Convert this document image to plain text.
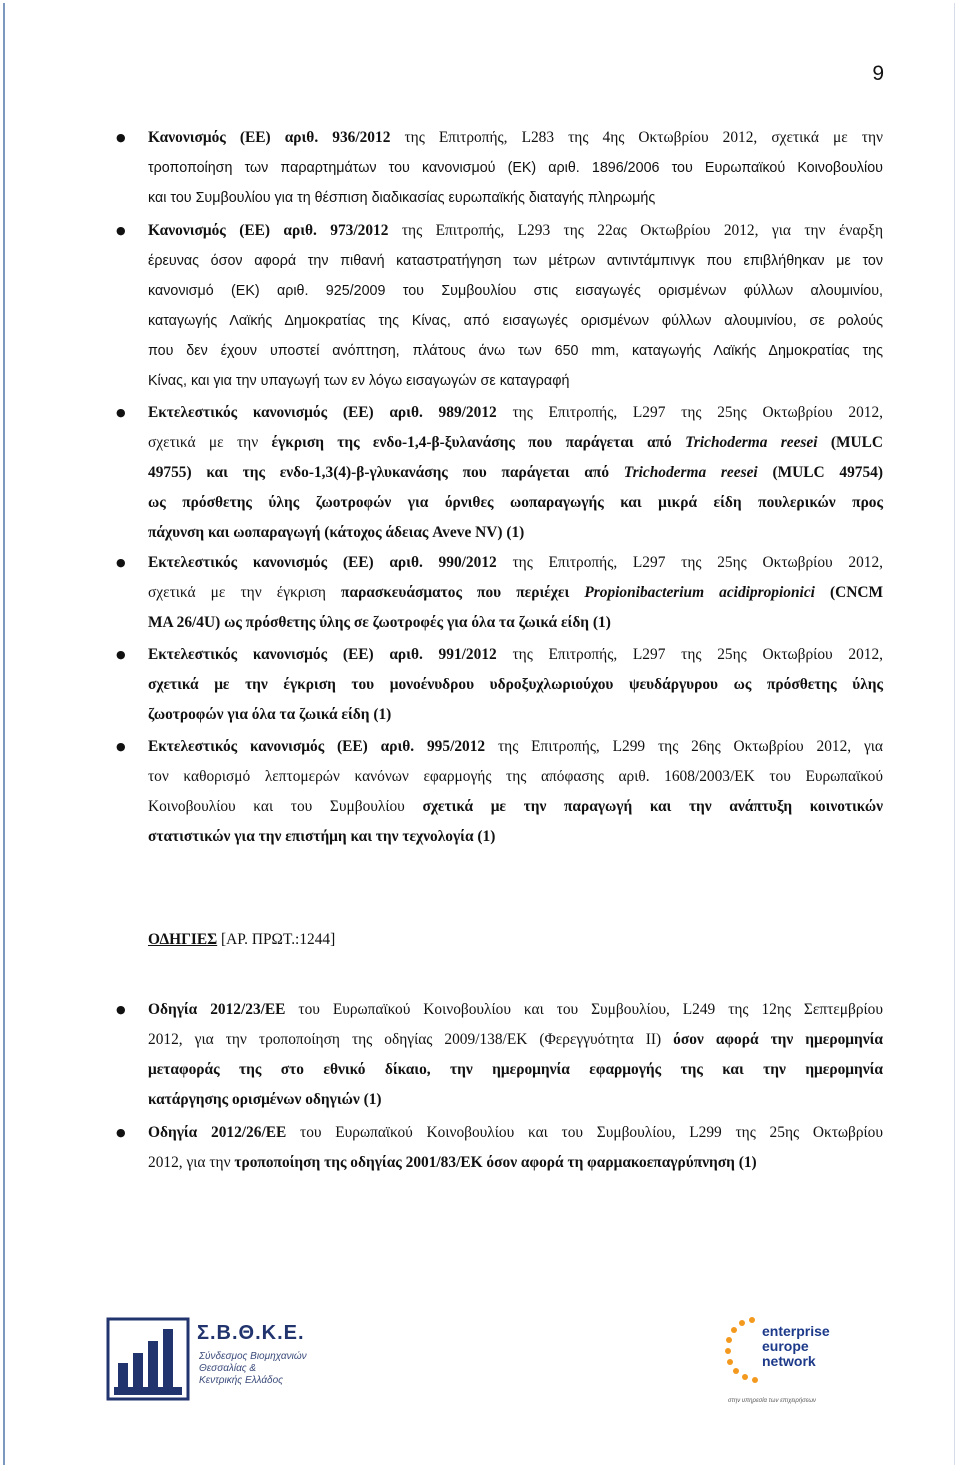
9
● Κανονισμός (ΕΕ) αριθ. 936/2012 της Επιτροπής, L283 της 4ης Οκτωβρίου 2012, σχετικά με την
τροποποίηση των παραρτημάτων του κανονισμού (ΕΚ) αριθ. 1896/2006 του Ευρωπαϊκού Κοινοβουλίου
και του Συμβουλίου για τη θέσπιση διαδικασίας ευρωπαϊκής διαταγής πληρωμής
● Κανονισμός (ΕΕ) αριθ. 973/2012 της Επιτροπής, L293 της 22ας Οκτωβρίου 2012, για την έναρξη
έρευνας όσον αφορά την πιθανή καταστρατήγηση των μέτρων αντιντάμπινγκ που επιβλήθηκαν με τον
κανονισμό (ΕΚ) αριθ. 925/2009 του Συμβουλίου στις εισαγωγές ορισμένων φύλλων αλουμινίου,
καταγωγής Λαϊκής Δημοκρατίας της Κίνας, από εισαγωγές ορισμένων φύλλων αλουμινίου, σε ρολούς
που δεν έχουν υποστεί ανόπτηση, πλάτους άνω των 650 mm, καταγωγής Λαϊκής Δημοκρατίας της
Κίνας, και για την υπαγωγή των εν λόγω εισαγωγών σε καταγραφή
● Εκτελεστικός κανονισμός (ΕΕ) αριθ. 989/2012 της Επιτροπής, L297 της 25ης Οκτωβρίου 2012,
σχετικά με την έγκριση της ενδο-1,4-β-ξυλανάσης που παράγεται από Trichoderma reesei (MULC
49755) και της ενδο-1,3(4)-β-γλυκανάσης που παράγεται από Trichoderma reesei (MULC 49754)
ως πρόσθετης ύλης ζωοτροφών για όρνιθες ωοπαραγωγής και μικρά είδη πουλερικών προς
πάχυνση και ωοπαραγωγή (κάτοχος άδειας Aveve NV) (1)
● Εκτελεστικός κανονισμός (ΕΕ) αριθ. 990/2012 της Επιτροπής, L297 της 25ης Οκτωβρίου 2012,
σχετικά με την έγκριση παρασκευάσματος που περιέχει Propionibacterium acidipropionici (CNCM
MA 26/4U) ως πρόσθετης ύλης σε ζωοτροφές για όλα τα ζωικά είδη (1)
● Εκτελεστικός κανονισμός (ΕΕ) αριθ. 991/2012 της Επιτροπής, L297 της 25ης Οκτωβρίου 2012,
σχετικά με την έγκριση του μονοένυδρου υδροξυχλωριούχου ψευδάργυρου ως πρόσθετης ύλης
ζωοτροφών για όλα τα ζωικά είδη (1)
● Εκτελεστικός κανονισμός (ΕΕ) αριθ. 995/2012 της Επιτροπής, L299 της 26ης Οκτωβρίου 2012, για
τον καθορισμό λεπτομερών κανόνων εφαρμογής της απόφασης αριθ. 1608/2003/ΕΚ του Ευρωπαϊκού
Κοινοβουλίου και του Συμβουλίου σχετικά με την παραγωγή και την ανάπτυξη κοινοτικών
στατιστικών για την επιστήμη και την τεχνολογία (1)
ΟΔΗΓΙΕΣ [ΑΡ. ΠΡΩΤ.:1244]
● Οδηγία 2012/23/ΕΕ του Ευρωπαϊκού Κοινοβουλίου και του Συμβουλίου, L249 της 12ης Σεπτεμβρίου
2012, για την τροποποίηση της οδηγίας 2009/138/ΕΚ (Φερεγγυότητα ΙΙ) όσον αφορά την ημερομηνία
μεταφοράς της στο εθνικό δίκαιο, την ημερομηνία εφαρμογής της και την ημερομηνία
κατάργησης ορισμένων οδηγιών (1)
● Οδηγία 2012/26/ΕΕ του Ευρωπαϊκού Κοινοβουλίου και του Συμβουλίου, L299 της 25ης Οκτωβρίου
2012, για την τροποποίηση της οδηγίας 2001/83/ΕΚ όσον αφορά τη φαρμακοεπαγρύπνηση (1)
Σ.Β.Θ.Κ.Ε.
Σύνδεσμος Βιομηχανιών
Θεσσαλίας &
Κεντρικής Ελλάδος
enterprise
europe
network
στην υπηρεσία των επιχειρήσεων
